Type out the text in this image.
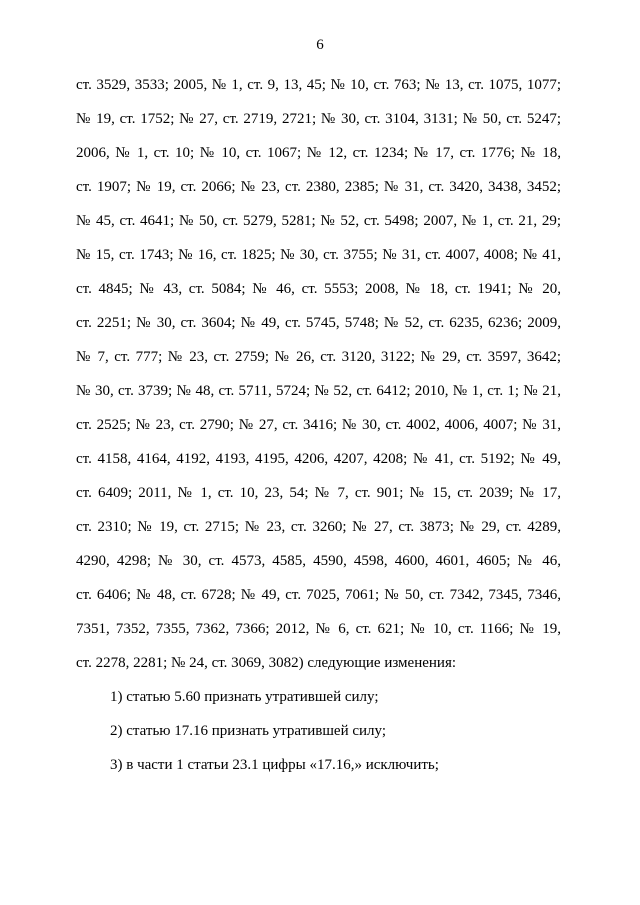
6
ст. 3529, 3533; 2005, № 1, ст. 9, 13, 45; № 10, ст. 763; № 13, ст. 1075, 1077;
№ 19, ст. 1752; № 27, ст. 2719, 2721; № 30, ст. 3104, 3131; № 50, ст. 5247;
2006, № 1, ст. 10; № 10, ст. 1067; № 12, ст. 1234; № 17, ст. 1776; № 18,
ст. 1907; № 19, ст. 2066; № 23, ст. 2380, 2385; № 31, ст. 3420, 3438, 3452;
№ 45, ст. 4641; № 50, ст. 5279, 5281; № 52, ст. 5498; 2007, № 1, ст. 21, 29;
№ 15, ст. 1743; № 16, ст. 1825; № 30, ст. 3755; № 31, ст. 4007, 4008; № 41,
ст. 4845; № 43, ст. 5084; № 46, ст. 5553; 2008, № 18, ст. 1941; № 20,
ст. 2251; № 30, ст. 3604; № 49, ст. 5745, 5748; № 52, ст. 6235, 6236; 2009,
№ 7, ст. 777; № 23, ст. 2759; № 26, ст. 3120, 3122; № 29, ст. 3597, 3642;
№ 30, ст. 3739; № 48, ст. 5711, 5724; № 52, ст. 6412; 2010, № 1, ст. 1; № 21,
ст. 2525; № 23, ст. 2790; № 27, ст. 3416; № 30, ст. 4002, 4006, 4007; № 31,
ст. 4158, 4164, 4192, 4193, 4195, 4206, 4207, 4208; № 41, ст. 5192; № 49,
ст. 6409; 2011, № 1, ст. 10, 23, 54; № 7, ст. 901; № 15, ст. 2039; № 17,
ст. 2310; № 19, ст. 2715; № 23, ст. 3260; № 27, ст. 3873; № 29, ст. 4289,
4290, 4298; № 30, ст. 4573, 4585, 4590, 4598, 4600, 4601, 4605; № 46,
ст. 6406; № 48, ст. 6728; № 49, ст. 7025, 7061; № 50, ст. 7342, 7345, 7346,
7351, 7352, 7355, 7362, 7366; 2012, № 6, ст. 621; № 10, ст. 1166; № 19,
ст. 2278, 2281; № 24, ст. 3069, 3082) следующие изменения:
1) статью 5.60 признать утратившей силу;
2) статью 17.16 признать утратившей силу;
3) в части 1 статьи 23.1 цифры «17.16,» исключить;
